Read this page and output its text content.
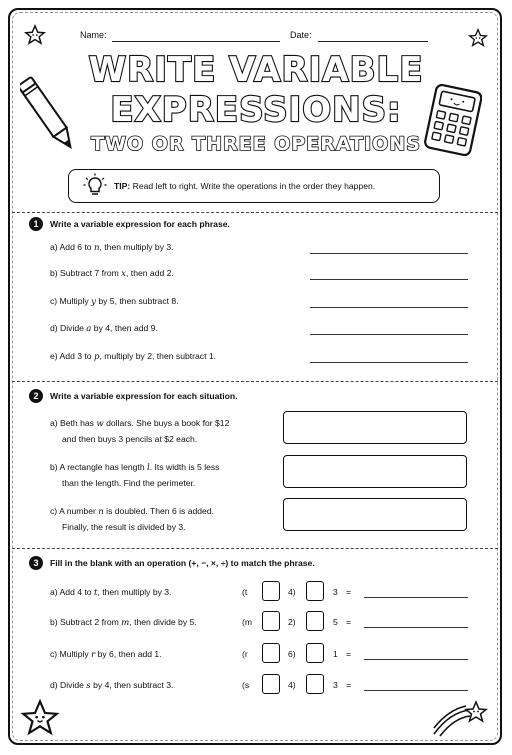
Name:	Date:
WRITE VARIABLE
EXPRESSIONS:
TWO OR THREE OPERATIONS
TIP: Read left to right. Write the operations in the order they happen.
1	Write a variable expression for each phrase.
a) Add 6 to n, then multiply by 3.
b) Subtract 7 from x, then add 2.
c) Multiply y by 5, then subtract 8.
d) Divide a by 4, then add 9.
e) Add 3 to p, multiply by 2, then subtract 1.
2	Write a variable expression for each situation.
a) Beth has w dollars. She buys a book for $12
and then buys 3 pencils at $2 each.
b) A rectangle has length l. Its width is 5 less
than the length. Find the perimeter.
c) A number n is doubled. Then 6 is added.
Finally, the result is divided by 3.
3	Fill in the blank with an operation (+, −, ×, ÷) to match the phrase.
a) Add 4 to t, then multiply by 3.	(t	4)	3 =
b) Subtract 2 from m, then divide by 5.	(m	2)	5 =
c) Multiply r by 6, then add 1.	(r	6)	1 =
d) Divide s by 4, then subtract 3.	(s	4)	3 =
